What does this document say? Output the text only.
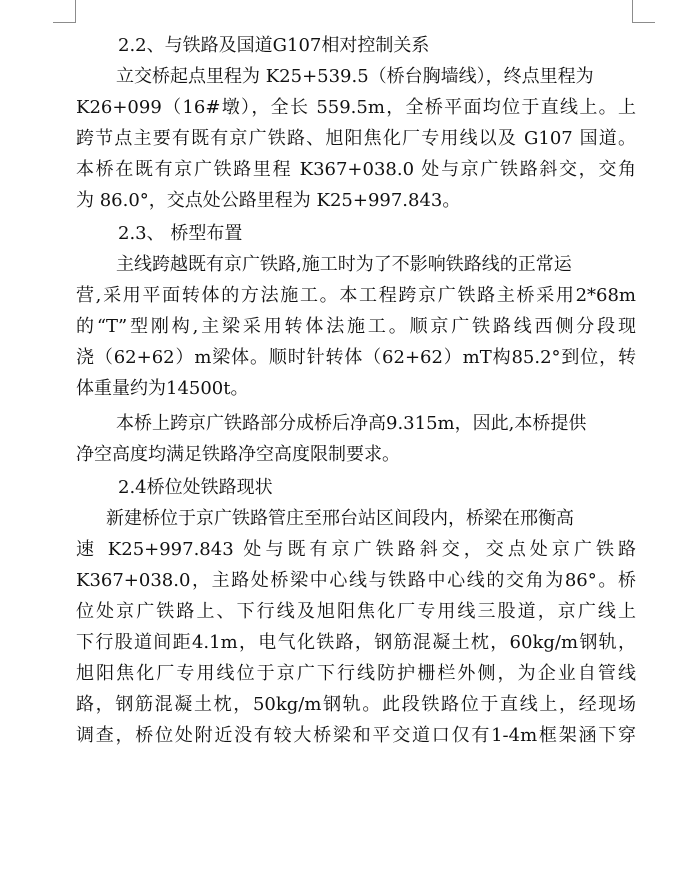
2.2、与铁路及国道G107相对控制关系

立交桥起点里程为 K25+539.5（桥台胸墙线），终点里程为

K26+099（16#墩），全长 559.5m，全桥平面均位于直线上。上

跨节点主要有既有京广铁路、旭阳焦化厂专用线以及 G107 国道。

本桥在既有京广铁路里程 K367+038.0 处与京广铁路斜交，交角

为 86.0°，交点处公路里程为 K25+997.843。

2.3、 桥型布置

主线跨越既有京广铁路,施工时为了不影响铁路线的正常运

营,采用平面转体的方法施工。本工程跨京广铁路主桥采用2*68m

的“T”型刚构,主梁采用转体法施工。顺京广铁路线西侧分段现

浇（62+62）m梁体。顺时针转体（62+62）mT构85.2°到位，转

体重量约为14500t。

本桥上跨京广铁路部分成桥后净高9.315m，因此,本桥提供

净空高度均满足铁路净空高度限制要求。

2.4桥位处铁路现状

新建桥位于京广铁路管庄至邢台站区间段内，桥梁在邢衡高

速 K25+997.843 处与既有京广铁路斜交，交点处京广铁路

K367+038.0，主路处桥梁中心线与铁路中心线的交角为86°。桥

位处京广铁路上、下行线及旭阳焦化厂专用线三股道，京广线上

下行股道间距4.1m，电气化铁路，钢筋混凝土枕，60kg/m钢轨，

旭阳焦化厂专用线位于京广下行线防护栅栏外侧，为企业自管线

路，钢筋混凝土枕，50kg/m钢轨。此段铁路位于直线上，经现场

调查，桥位处附近没有较大桥梁和平交道口仅有1-4m框架涵下穿
